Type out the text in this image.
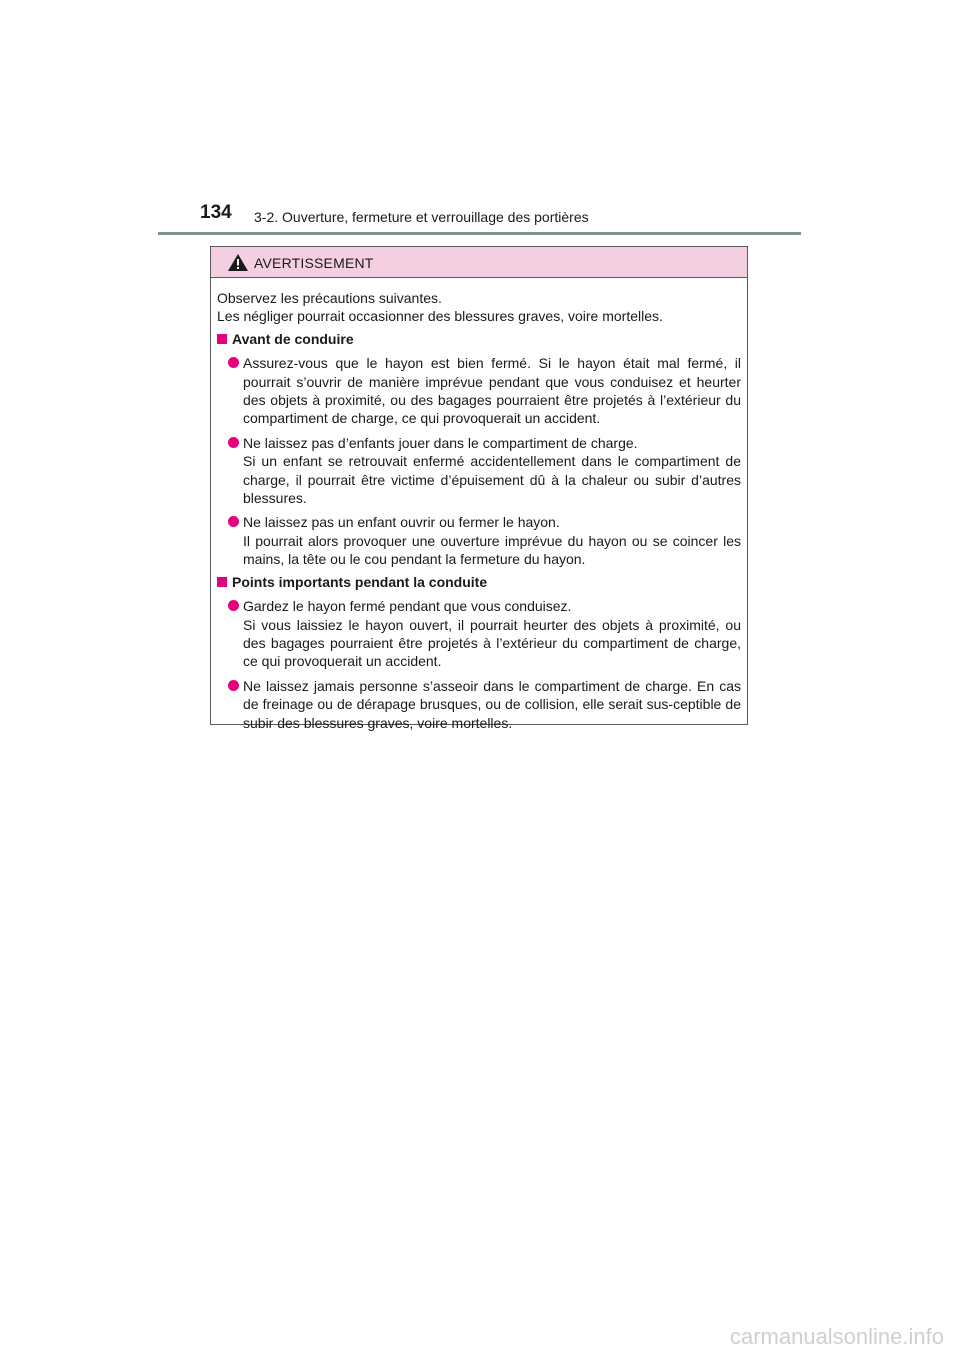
134 3-2. Ouverture, fermeture et verrouillage des portières
AVERTISSEMENT

Observez les précautions suivantes.

Les négliger pourrait occasionner des blessures graves, voire mortelles.

Avant de conduire
Assurez-vous que le hayon est bien fermé. Si le hayon était mal fermé, il pourrait s’ouvrir de manière imprévue pendant que vous conduisez et heurter des objets à proximité, ou des bagages pourraient être projetés à l’extérieur du compartiment de charge, ce qui provoquerait un accident.
Ne laissez pas d’enfants jouer dans le compartiment de charge.
Si un enfant se retrouvait enfermé accidentellement dans le compartiment de charge, il pourrait être victime d’épuisement dû à la chaleur ou subir d’autres blessures.
Ne laissez pas un enfant ouvrir ou fermer le hayon.
Il pourrait alors provoquer une ouverture imprévue du hayon ou se coincer les mains, la tête ou le cou pendant la fermeture du hayon.
Points importants pendant la conduite
Gardez le hayon fermé pendant que vous conduisez.
Si vous laissiez le hayon ouvert, il pourrait heurter des objets à proximité, ou des bagages pourraient être projetés à l’extérieur du compartiment de charge, ce qui provoquerait un accident.
Ne laissez jamais personne s’asseoir dans le compartiment de charge. En cas de freinage ou de dérapage brusques, ou de collision, elle serait sus-ceptible de subir des blessures graves, voire mortelles.
carmanualsonline.info
